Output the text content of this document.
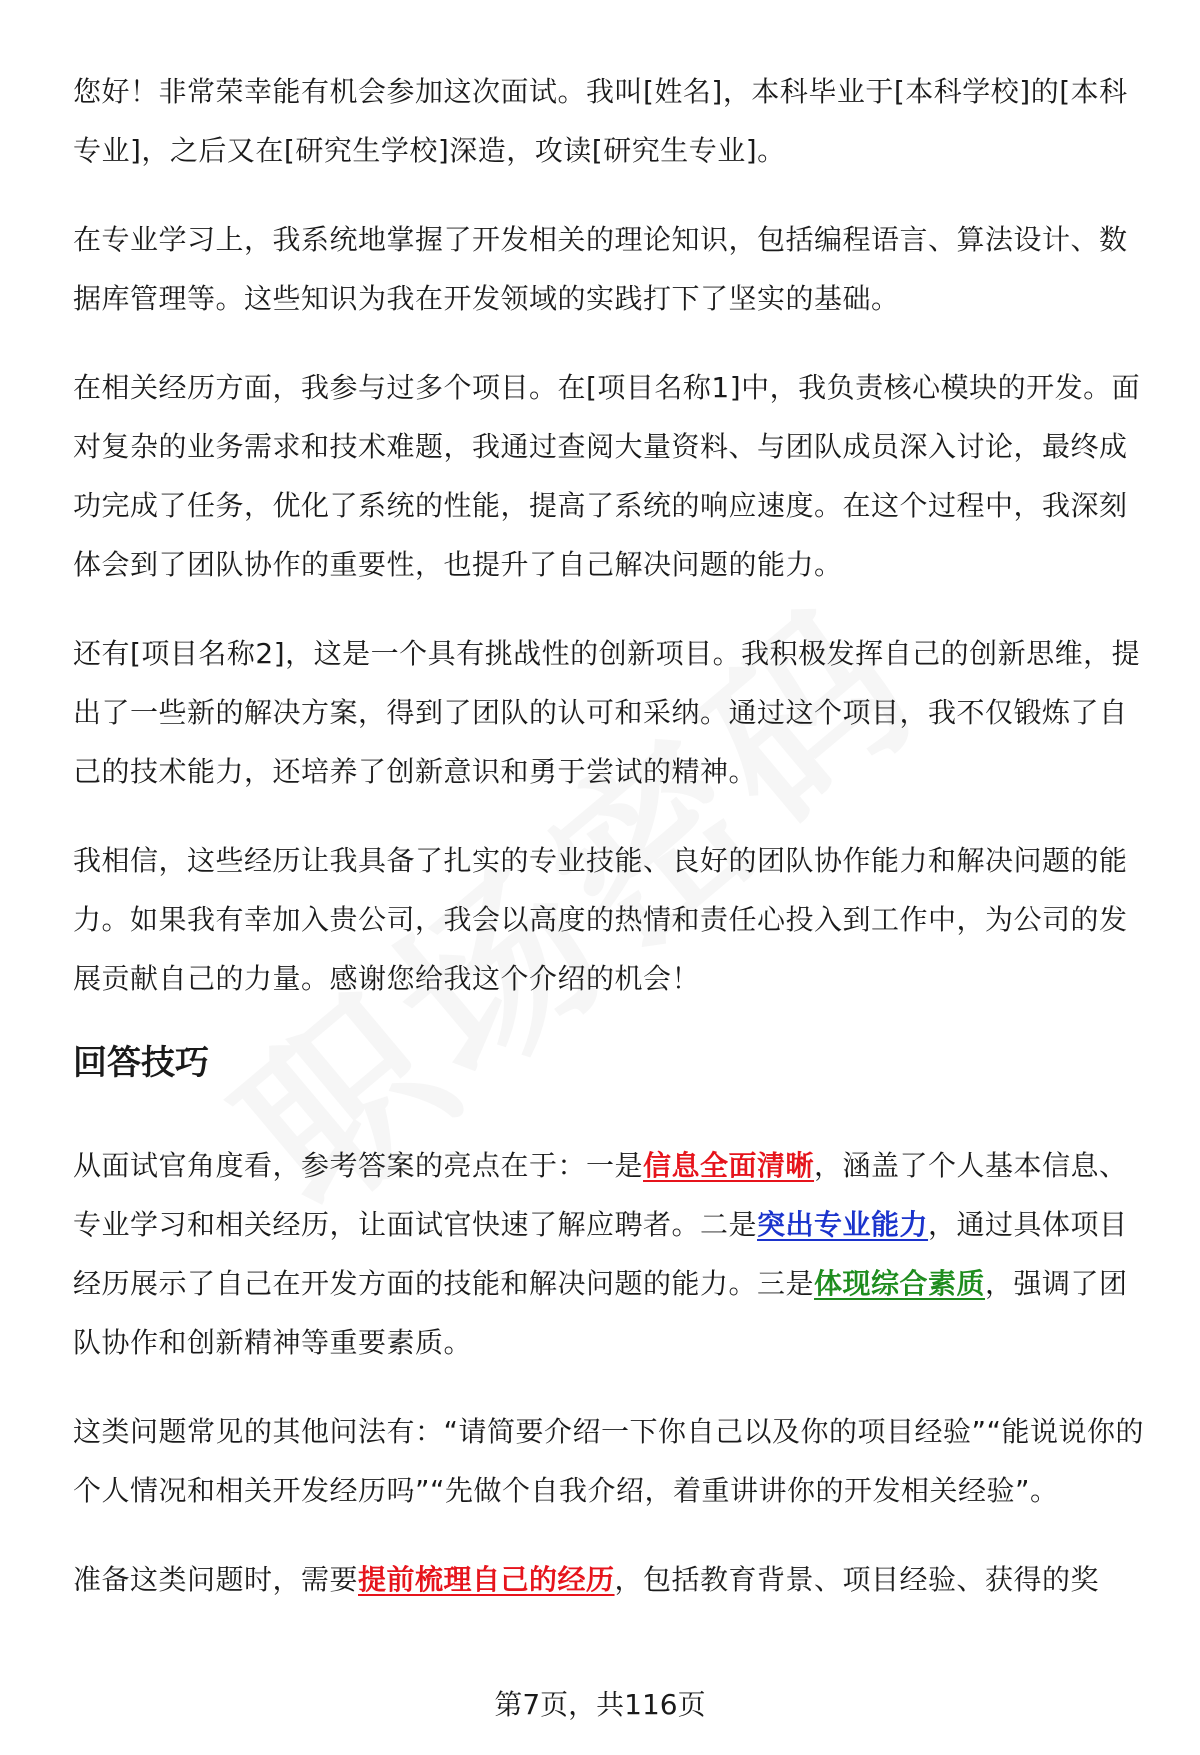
您好！非常荣幸能有机会参加这次面试。我叫[姓名]，本科毕业于[本科学校]的[本科专业]，之后又在[研究生学校]深造，攻读[研究生专业]。

在专业学习上，我系统地掌握了开发相关的理论知识，包括编程语言、算法设计、数据库管理等。这些知识为我在开发领域的实践打下了坚实的基础。

在相关经历方面，我参与过多个项目。在[项目名称1]中，我负责核心模块的开发。面对复杂的业务需求和技术难题，我通过查阅大量资料、与团队成员深入讨论，最终成功完成了任务，优化了系统的性能，提高了系统的响应速度。在这个过程中，我深刻体会到了团队协作的重要性，也提升了自己解决问题的能力。

还有[项目名称2]，这是一个具有挑战性的创新项目。我积极发挥自己的创新思维，提出了一些新的解决方案，得到了团队的认可和采纳。通过这个项目，我不仅锻炼了自己的技术能力，还培养了创新意识和勇于尝试的精神。

我相信，这些经历让我具备了扎实的专业技能、良好的团队协作能力和解决问题的能力。如果我有幸加入贵公司，我会以高度的热情和责任心投入到工作中，为公司的发展贡献自己的力量。感谢您给我这个介绍的机会！

回答技巧

从面试官角度看，参考答案的亮点在于：一是信息全面清晰，涵盖了个人基本信息、专业学习和相关经历，让面试官快速了解应聘者。二是突出专业能力，通过具体项目经历展示了自己在开发方面的技能和解决问题的能力。三是体现综合素质，强调了团队协作和创新精神等重要素质。

这类问题常见的其他问法有：“请简要介绍一下你自己以及你的项目经验”“能说说你的个人情况和相关开发经历吗”“先做个自我介绍，着重讲讲你的开发相关经验”。

准备这类问题时，需要提前梳理自己的经历，包括教育背景、项目经验、获得的奖

第7页，共116页
